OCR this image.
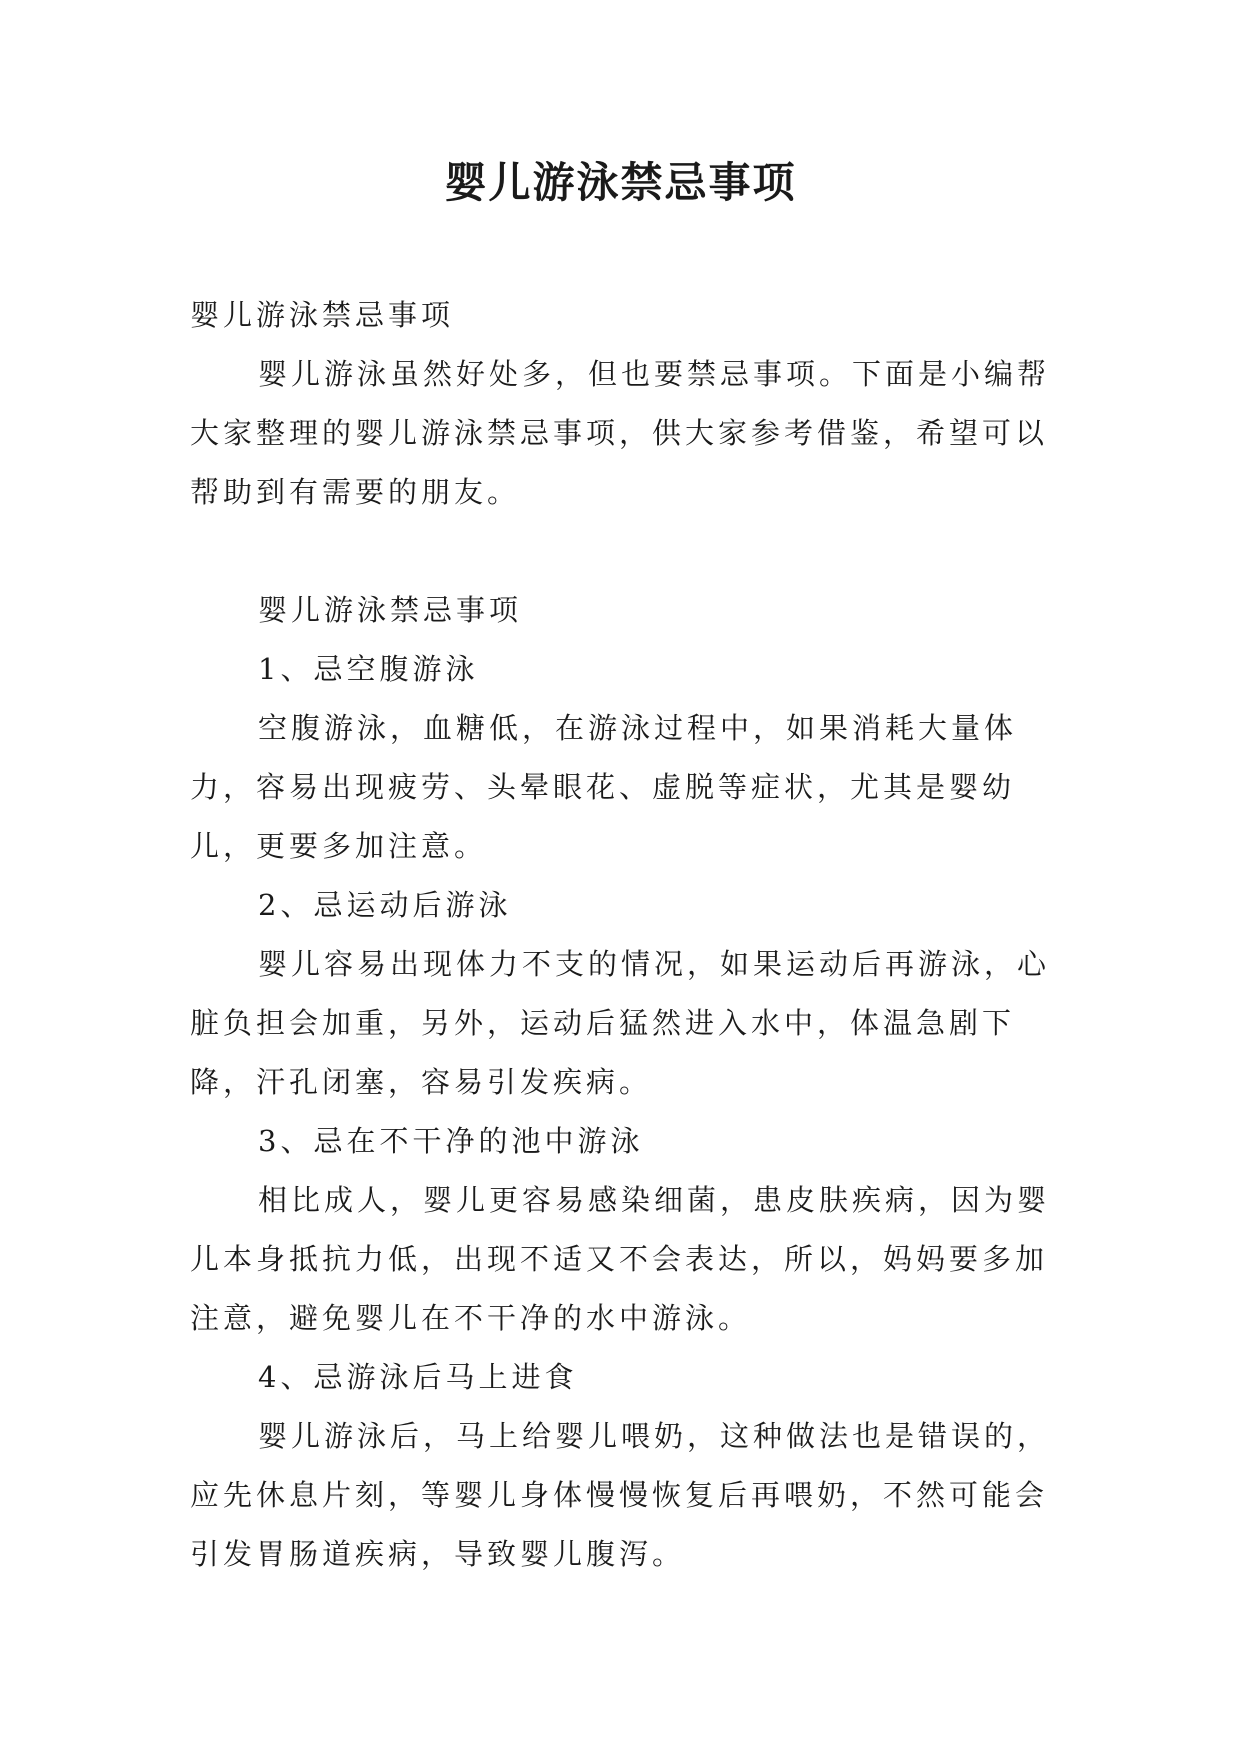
婴儿游泳禁忌事项
婴儿游泳禁忌事项

婴儿游泳虽然好处多，但也要禁忌事项。下面是小编帮大家整理的婴儿游泳禁忌事项，供大家参考借鉴，希望可以帮助到有需要的朋友。

婴儿游泳禁忌事项

1、忌空腹游泳

空腹游泳，血糖低，在游泳过程中，如果消耗大量体力，容易出现疲劳、头晕眼花、虚脱等症状，尤其是婴幼儿，更要多加注意。

2、忌运动后游泳

婴儿容易出现体力不支的情况，如果运动后再游泳，心脏负担会加重，另外，运动后猛然进入水中，体温急剧下降，汗孔闭塞，容易引发疾病。

3、忌在不干净的池中游泳

相比成人，婴儿更容易感染细菌，患皮肤疾病，因为婴儿本身抵抗力低，出现不适又不会表达，所以，妈妈要多加注意，避免婴儿在不干净的水中游泳。

4、忌游泳后马上进食

婴儿游泳后，马上给婴儿喂奶，这种做法也是错误的，应先休息片刻，等婴儿身体慢慢恢复后再喂奶，不然可能会引发胃肠道疾病，导致婴儿腹泻。
